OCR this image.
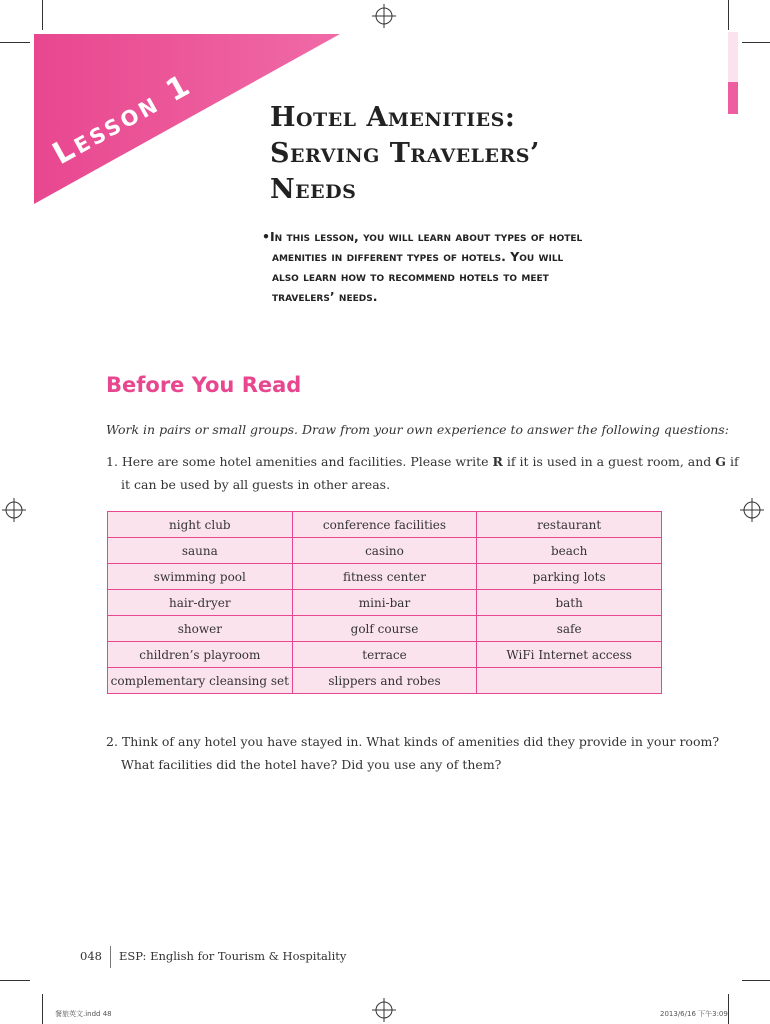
Lesson 1	Hotel Amenities:
Serving Travelers’
Needs
•In this lesson, you will learn about types of hotel
amenities in different types of hotels. You will
also learn how to recommend hotels to meet
travelers’ needs.
Before You Read
Work in pairs or small groups. Draw from your own experience to answer the following questions:
1. Here are some hotel amenities and facilities. Please write R if it is used in a guest room, and G if
it can be used by all guests in other areas.
night club	conference facilities	restaurant
sauna	casino	beach
swimming pool	fitness center	parking lots
hair-dryer	mini-bar	bath
shower	golf course	safe
children’s playroom	terrace	WiFi Internet access
complementary cleansing set	slippers and robes	
2. Think of any hotel you have stayed in. What kinds of amenities did they provide in your room?
What facilities did the hotel have? Did you use any of them?
048 ESP: English for Tourism & Hospitality
餐旅英文.indd 48	2013/6/16 下午3:09
